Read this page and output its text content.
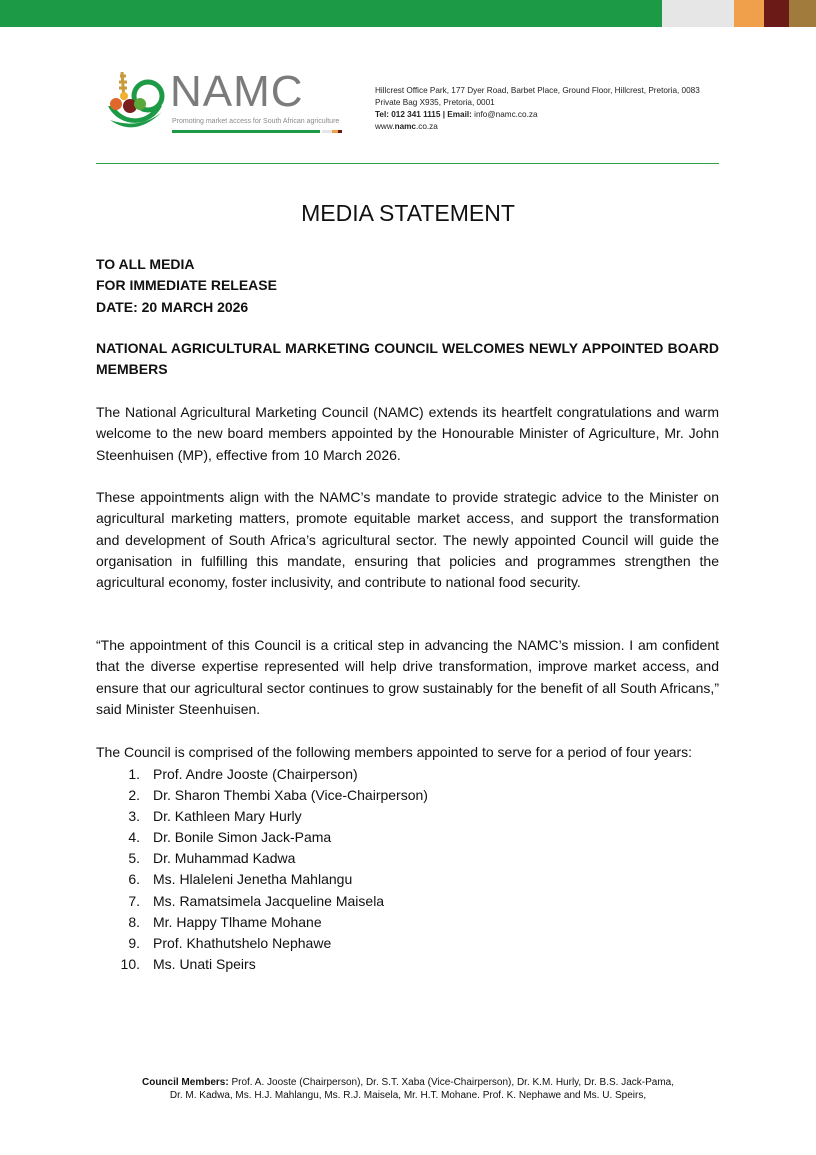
NAMC
Promoting market access for South African agriculture
Hillcrest Office Park, 177 Dyer Road, Barbet Place, Ground Floor, Hillcrest, Pretoria, 0083
Private Bag X935, Pretoria, 0001
Tel: 012 341 1115 | Email: info@namc.co.za
www.namc.co.za
MEDIA STATEMENT
TO ALL MEDIA
FOR IMMEDIATE RELEASE
DATE: 20 MARCH 2026
NATIONAL AGRICULTURAL MARKETING COUNCIL WELCOMES NEWLY APPOINTED BOARD MEMBERS
The National Agricultural Marketing Council (NAMC) extends its heartfelt congratulations and warm welcome to the new board members appointed by the Honourable Minister of Agriculture, Mr. John Steenhuisen (MP), effective from 10 March 2026.
These appointments align with the NAMC’s mandate to provide strategic advice to the Minister on agricultural marketing matters, promote equitable market access, and support the transformation and development of South Africa’s agricultural sector. The newly appointed Council will guide the organisation in fulfilling this mandate, ensuring that policies and programmes strengthen the agricultural economy, foster inclusivity, and contribute to national food security.
“The appointment of this Council is a critical step in advancing the NAMC’s mission. I am confident that the diverse expertise represented will help drive transformation, improve market access, and ensure that our agricultural sector continues to grow sustainably for the benefit of all South Africans,” said Minister Steenhuisen.
The Council is comprised of the following members appointed to serve for a period of four years:
1. Prof. Andre Jooste (Chairperson)
2. Dr. Sharon Thembi Xaba (Vice-Chairperson)
3. Dr. Kathleen Mary Hurly
4. Dr. Bonile Simon Jack-Pama
5. Dr. Muhammad Kadwa
6. Ms. Hlaleleni Jenetha Mahlangu
7. Ms. Ramatsimela Jacqueline Maisela
8. Mr. Happy Tlhame Mohane
9. Prof. Khathutshelo Nephawe
10. Ms. Unati Speirs
Council Members: Prof. A. Jooste (Chairperson), Dr. S.T. Xaba (Vice-Chairperson), Dr. K.M. Hurly, Dr. B.S. Jack-Pama,
Dr. M. Kadwa, Ms. H.J. Mahlangu, Ms. R.J. Maisela, Mr. H.T. Mohane. Prof. K. Nephawe and Ms. U. Speirs,
